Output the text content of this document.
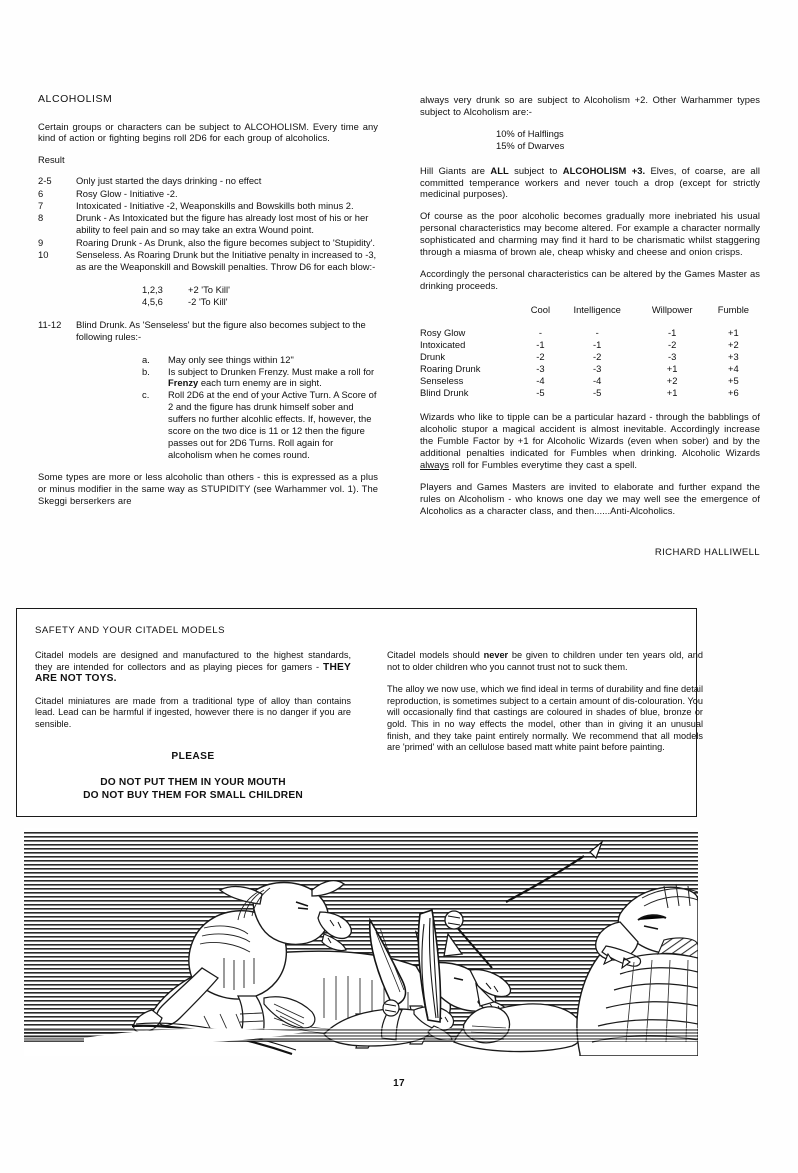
ALCOHOLISM

Certain groups or characters can be subject to ALCOHOLISM. Every time any kind of action or fighting begins roll 2D6 for each group of alcoholics.

Result

2-5	Only just started the days drinking - no effect
6	Rosy Glow - Initiative -2.
7	Intoxicated - Initiative -2, Weaponskills and Bowskills both minus 2.
8	Drunk - As Intoxicated but the figure has already lost most of his or her ability to feel pain and so may take an extra Wound point.
9	Roaring Drunk - As Drunk, also the figure becomes subject to 'Stupidity'.
10	Senseless. As Roaring Drunk but the Initiative penalty in increased to -3, as are the Weaponskill and Bowskill penalties. Throw D6 for each blow:-
1,2,3	+2 'To Kill'
4,5,6	-2 'To Kill'
11-12	Blind Drunk. As 'Senseless' but the figure also becomes subject to the following rules:-
a. May only see things within 12"
b. Is subject to Drunken Frenzy. Must make a roll for Frenzy each turn enemy are in sight.
c. Roll 2D6 at the end of your Active Turn. A Score of 2 and the figure has drunk himself sober and suffers no further alcohlic effects. If, however, the score on the two dice is 11 or 12 then the figure passes out for 2D6 Turns. Roll again for alcoholism when he comes round.

Some types are more or less alcoholic than others - this is expressed as a plus or minus modifier in the same way as STUPIDITY (see Warhammer vol. 1). The Skeggi berserkers are

always very drunk so are subject to Alcoholism +2. Other Warhammer types subject to Alcoholism are:-

10% of Halflings
15% of Dwarves

Hill Giants are ALL subject to ALCOHOLISM +3. Elves, of coarse, are all committed temperance workers and never touch a drop (except for strictly medicinal purposes).

Of course as the poor alcoholic becomes gradually more inebriated his usual personal characteristics may become altered. For example a character normally sophisticated and charming may find it hard to be charismatic whilst staggering through a miasma of brown ale, cheap whisky and cheese and onion crisps.

Accordingly the personal characteristics can be altered by the Games Master as drinking proceeds.

	Cool	Intelligence	Willpower	Fumble
Rosy Glow	-	-	-1	+1
Intoxicated	-1	-1	-2	+2
Drunk	-2	-2	-3	+3
Roaring Drunk	-3	-3	+1	+4
Senseless	-4	-4	+2	+5
Blind Drunk	-5	-5	+1	+6

Wizards who like to tipple can be a particular hazard - through the babblings of alcoholic stupor a magical accident is almost inevitable. Accordingly increase the Fumble Factor by +1 for Alcoholic Wizards (even when sober) and by the additional penalties indicated for Fumbles when drinking. Alcoholic Wizards always roll for Fumbles everytime they cast a spell.

Players and Games Masters are invited to elaborate and further expand the rules on Alcoholism - who knows one day we may well see the emergence of Alcoholics as a character class, and then......Anti-Alcoholics.

RICHARD HALLIWELL
SAFETY AND YOUR CITADEL MODELS

Citadel models are designed and manufactured to the highest standards, they are intended for collectors and as playing pieces for gamers - THEY ARE NOT TOYS.

Citadel miniatures are made from a traditional type of alloy than contains lead. Lead can be harmful if ingested, however there is no danger if you are sensible.

PLEASE
DO NOT PUT THEM IN YOUR MOUTH
DO NOT BUY THEM FOR SMALL CHILDREN

Citadel models should never be given to children under ten years old, and not to older children who you cannot trust not to suck them.

The alloy we now use, which we find ideal in terms of durability and fine detail reproduction, is sometimes subject to a certain amount of dis-colouration. You will occasionally find that castings are coloured in shades of blue, bronze or gold. This in no way effects the model, other than in giving it an unusual finish, and they take paint entirely normally. We recommend that all models are 'primed' with an cellulose based matt white paint before painting.

17
